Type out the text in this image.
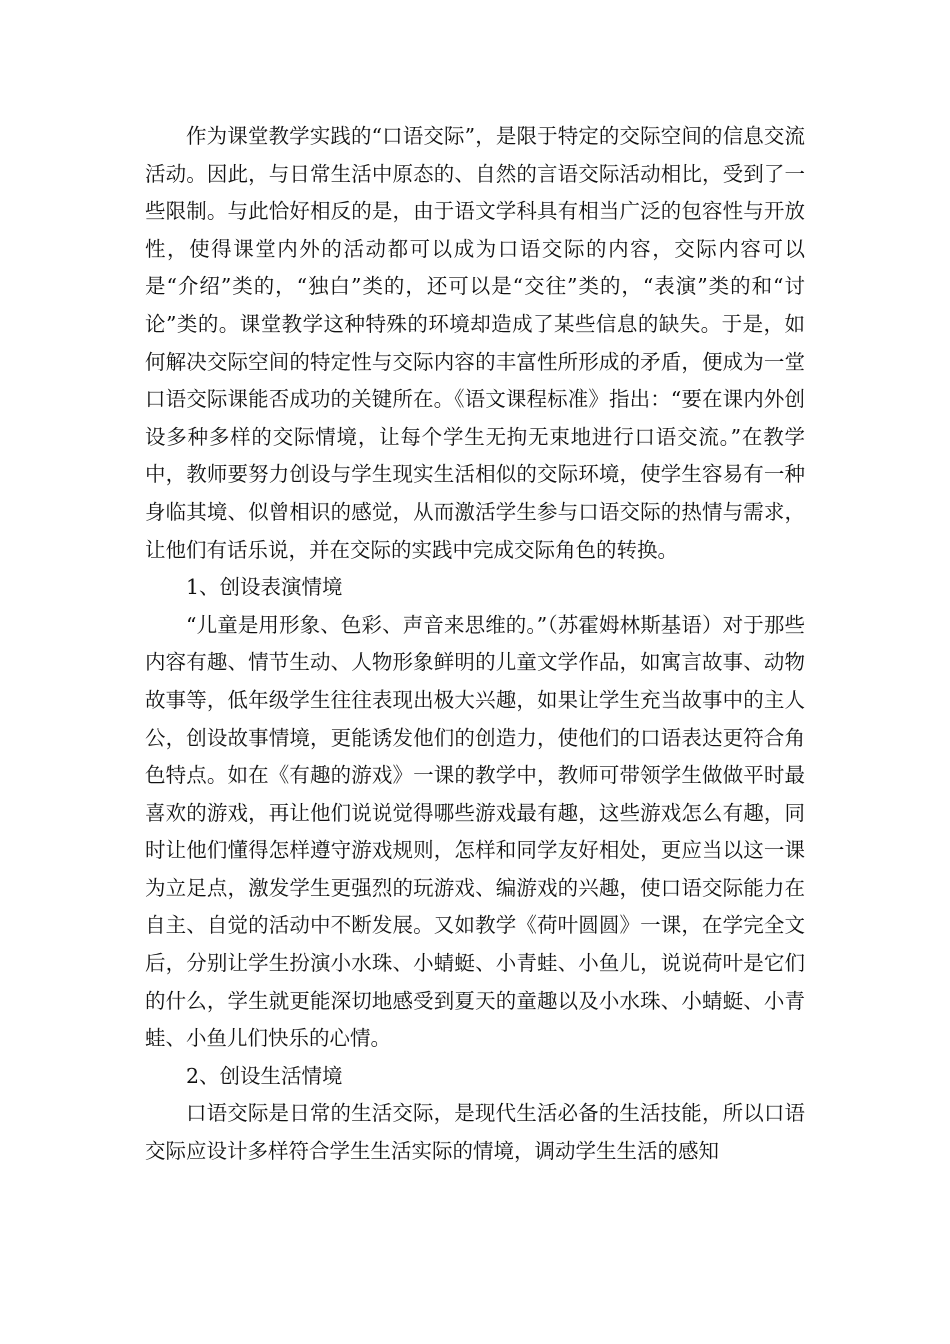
作为课堂教学实践的“口语交际”，是限于特定的交际空间的信息交流活动。因此，与日常生活中原态的、自然的言语交际活动相比，受到了一些限制。与此恰好相反的是，由于语文学科具有相当广泛的包容性与开放性，使得课堂内外的活动都可以成为口语交际的内容，交际内容可以是“介绍”类的，“独白”类的，还可以是“交往”类的，“表演”类的和“讨论”类的。课堂教学这种特殊的环境却造成了某些信息的缺失。于是，如何解决交际空间的特定性与交际内容的丰富性所形成的矛盾，便成为一堂口语交际课能否成功的关键所在。《语文课程标准》指出：“要在课内外创设多种多样的交际情境，让每个学生无拘无束地进行口语交流。”在教学中，教师要努力创设与学生现实生活相似的交际环境，使学生容易有一种身临其境、似曾相识的感觉，从而激活学生参与口语交际的热情与需求，让他们有话乐说，并在交际的实践中完成交际角色的转换。

1、创设表演情境

“儿童是用形象、色彩、声音来思维的。”（苏霍姆林斯基语）对于那些内容有趣、情节生动、人物形象鲜明的儿童文学作品，如寓言故事、动物故事等，低年级学生往往表现出极大兴趣，如果让学生充当故事中的主人公，创设故事情境，更能诱发他们的创造力，使他们的口语表达更符合角色特点。如在《有趣的游戏》一课的教学中，教师可带领学生做做平时最喜欢的游戏，再让他们说说觉得哪些游戏最有趣，这些游戏怎么有趣，同时让他们懂得怎样遵守游戏规则，怎样和同学友好相处，更应当以这一课为立足点，激发学生更强烈的玩游戏、编游戏的兴趣，使口语交际能力在自主、自觉的活动中不断发展。又如教学《荷叶圆圆》一课，在学完全文后，分别让学生扮演小水珠、小蜻蜓、小青蛙、小鱼儿，说说荷叶是它们的什么，学生就更能深切地感受到夏天的童趣以及小水珠、小蜻蜓、小青蛙、小鱼儿们快乐的心情。

2、创设生活情境

口语交际是日常的生活交际，是现代生活必备的生活技能，所以口语交际应设计多样符合学生生活实际的情境，调动学生生活的感知
